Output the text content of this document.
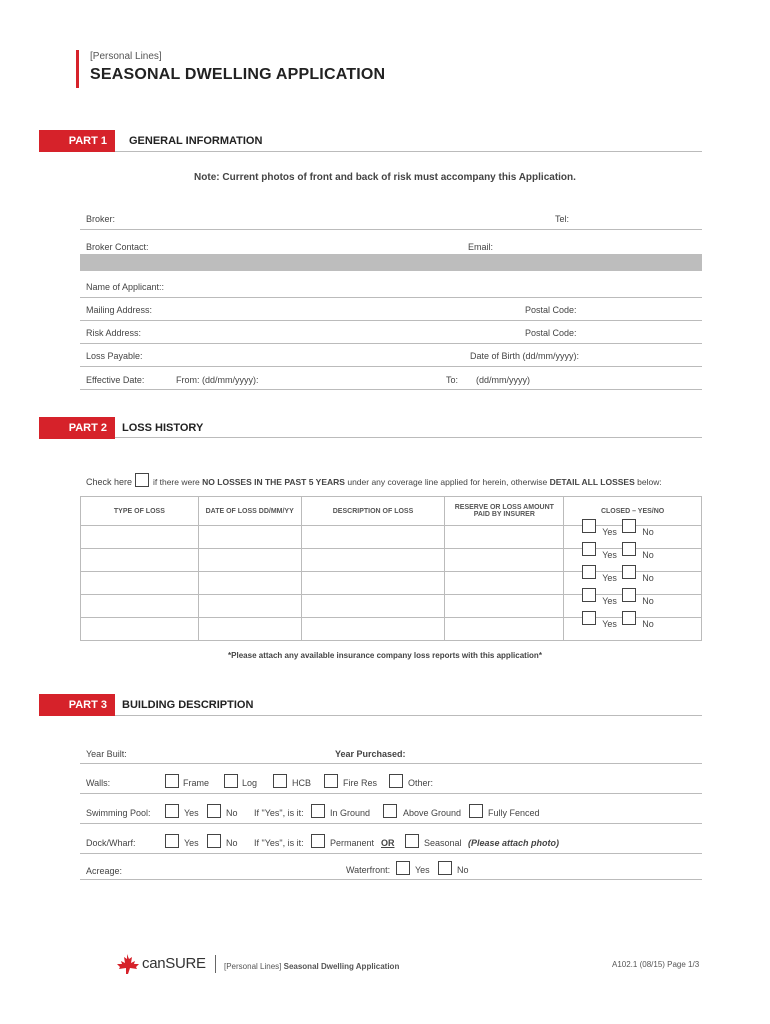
[Personal Lines]
SEASONAL DWELLING APPLICATION
PART 1	GENERAL INFORMATION
Note: Current photos of front and back of risk must accompany this Application.
Broker:	Tel:
Broker Contact:	Email:
Name of Applicant::
Mailing Address:	Postal Code:
Risk Address:	Postal Code:
Loss Payable:	Date of Birth (dd/mm/yyyy):
Effective Date:	From: (dd/mm/yyyy):	To: (dd/mm/yyyy)
PART 2	LOSS HISTORY
Check here if there were NO LOSSES IN THE PAST 5 YEARS under any coverage line applied for herein, otherwise DETAIL ALL LOSSES below:
TYPE OF LOSS	DATE OF LOSS DD/MM/YY	DESCRIPTION OF LOSS	RESERVE OR LOSS AMOUNT PAID BY INSURER	CLOSED – YES/NO

				Yes No

				Yes No

				Yes No

				Yes No

				Yes No
*Please attach any available insurance company loss reports with this application*
PART 3	BUILDING DESCRIPTION
Year Built:	Year Purchased:
Walls:	Frame	Log	HCB	Fire Res	Other:
Swimming Pool:	Yes	No If "Yes", is it:	In Ground	Above Ground	Fully Fenced
Dock/Wharf:	Yes	No If "Yes", is it:	Permanent OR	Seasonal (Please attach photo)
Acreage:	Waterfront:	Yes	No
canSURE [Personal Lines] Seasonal Dwelling Application	A102.1 (08/15) Page 1/3
